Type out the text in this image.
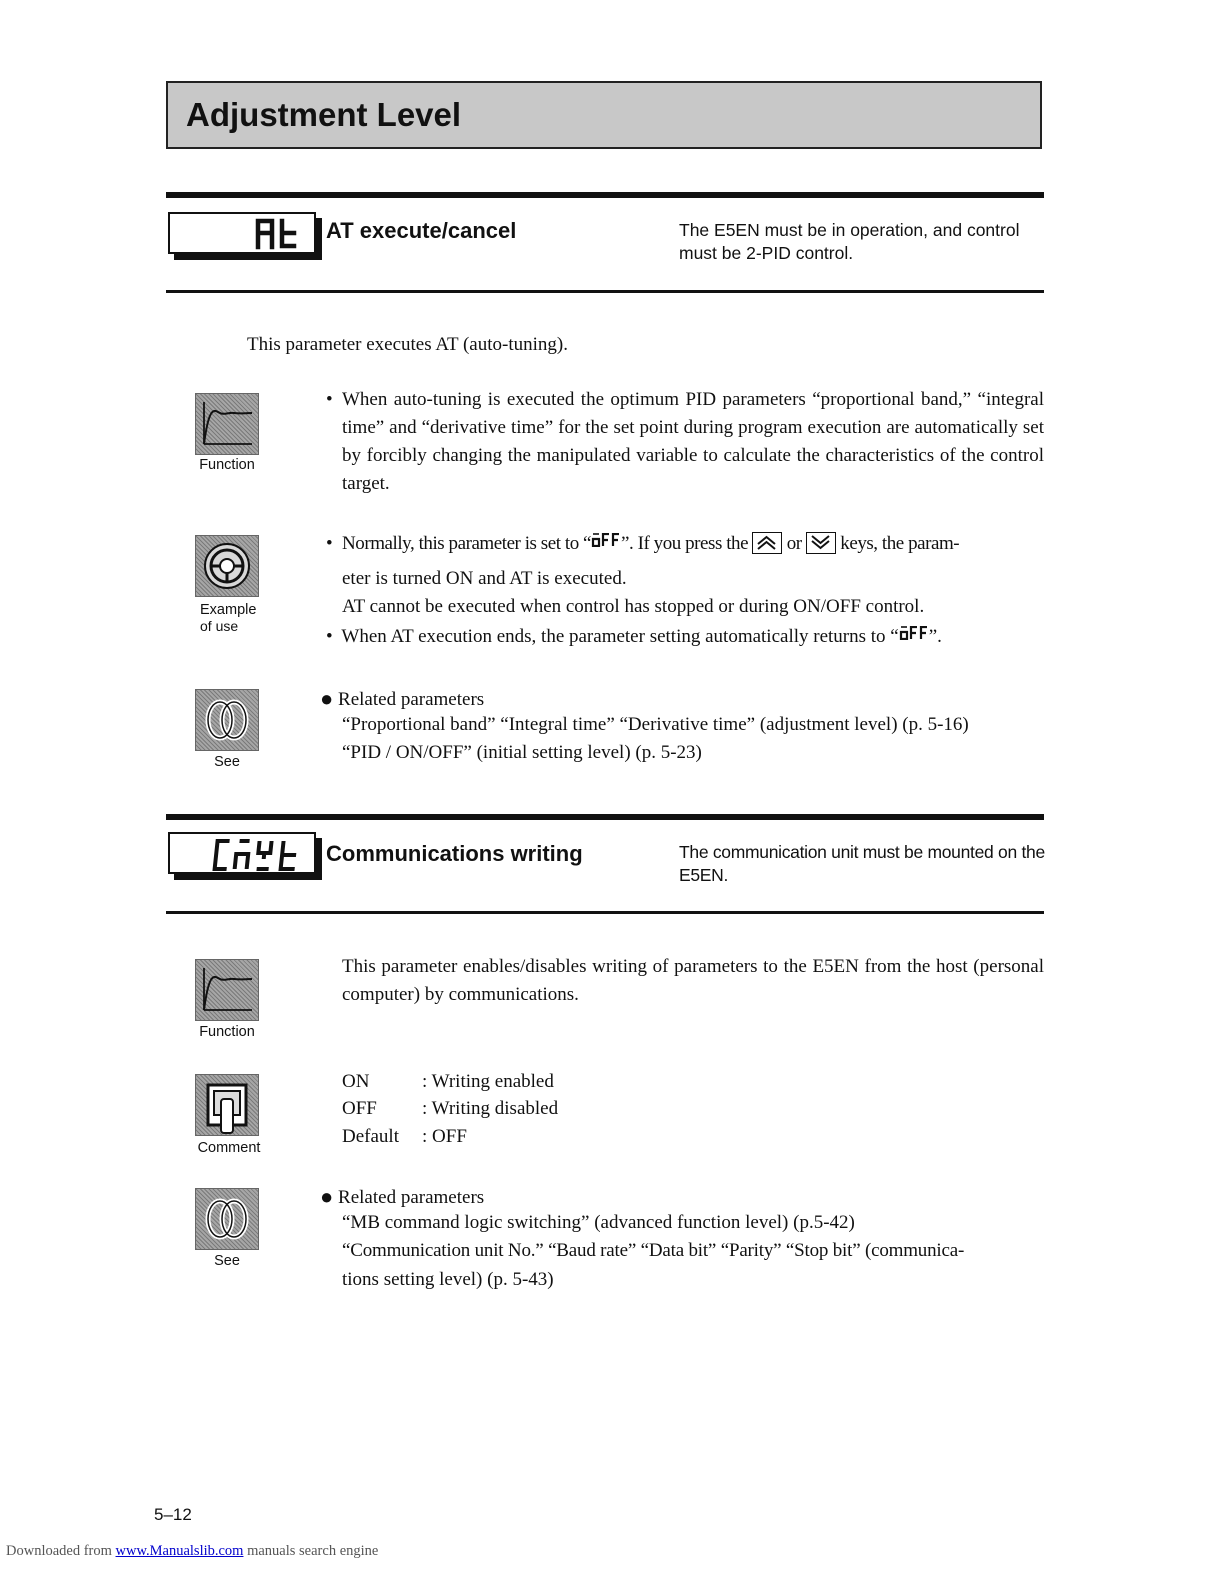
Adjustment Level
AT execute/cancel	The E5EN must be in operation, and control must be 2-PID control.
This parameter executes AT (auto-tuning).
Function
• When auto-tuning is executed the optimum PID parameters “proportional band,” “integral time” and “derivative time” for the set point during program execution are automatically set by forcibly changing the manipulated variable to calculate the characteristics of the control target.
Example
of use
• Normally, this parameter is set to “ ”. If you press the or keys, the param-
eter is turned ON and AT is executed.
AT cannot be executed when control has stopped or during ON/OFF control.
• When AT execution ends, the parameter setting automatically returns to “ ”.
See
● Related parameters
“Proportional band” “Integral time” “Derivative time” (adjustment level) (p. 5-16)
“PID / ON/OFF” (initial setting level) (p. 5-23)
Communications writing	The communication unit must be mounted on the E5EN.
Function
This parameter enables/disables writing of parameters to the E5EN from the host (personal computer) by communications.
Comment
ON	: Writing enabled
OFF : Writing disabled
Default : OFF
See
● Related parameters
“MB command logic switching” (advanced function level) (p.5-42)
“Communication unit No.” “Baud rate” “Data bit” “Parity” “Stop bit” (communica-
tions setting level) (p. 5-43)
5–12
Downloaded from www.Manualslib.com manuals search engine
